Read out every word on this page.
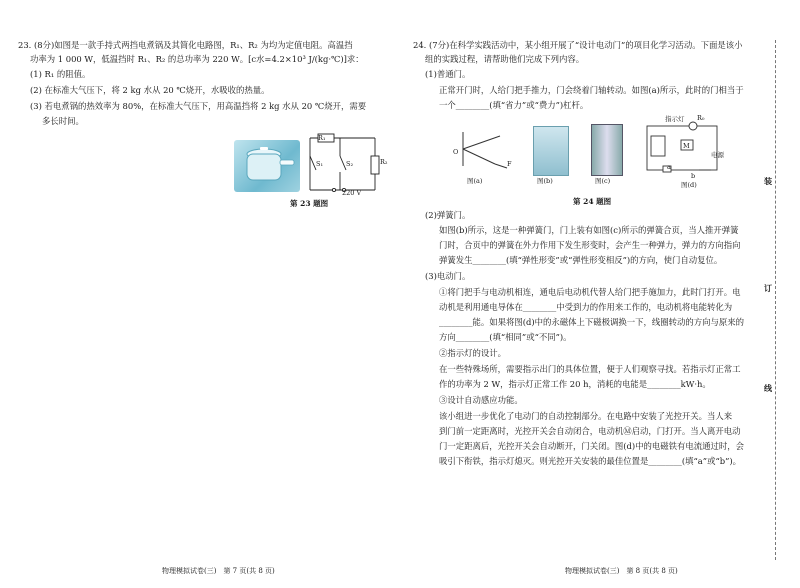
23. (8分)如图是一款手持式两挡电煮锅及其简化电路图，R₁、R₂ 为均为定值电阻。高温挡
功率为 1 000 W，低温挡时 R₁、R₂ 的总功率为 220 W。[c水=4.2×10³ J/(kg·℃)]求：
(1) R₁ 的阻值。
(2) 在标准大气压下，将 2 kg 水从 20 ℃烧开，水吸收的热量。
(3) 若电煮锅的热效率为 80%，在标准大气压下，用高温挡将 2 kg 水从 20 ℃烧开，需要
多长时间。
R₁
R₂
S₁	S₂
220 V
第 23 题图
物理模拟试卷(三)　第 7 页(共 8 页)
24. (7分)在科学实践活动中，某小组开展了“设计电动门”的项目化学习活动。下面是该小
组的实践过程，请帮助他们完成下列内容。
(1)普通门。
正常开门时，人给门把手推力，门会绕着门轴转动。如图(a)所示，此时的门相当于
一个________(填“省力”或“费力”)杠杆。
O
F
图(a)	图(b)	图(c)
指示灯 R₀
M
电源
a
b
图(d)
第 24 题图
(2)弹簧门。
如图(b)所示，这是一种弹簧门，门上装有如图(c)所示的弹簧合页，当人推开弹簧
门时，合页中的弹簧在外力作用下发生形变时，会产生一种弹力，弹力的方向指向
弹簧发生________(填“弹性形变”或“弹性形变相反”)的方向，使门自动复位。
(3)电动门。
①将门把手与电动机相连，通电后电动机代替人给门把手施加力，此时门打开。电
动机是利用通电导体在________中受到力的作用来工作的，电动机将电能转化为
________能。如果将图(d)中的永磁体上下磁极调换一下，线圈转动的方向与原来的
方向________(填“相同”或“不同”)。
②指示灯的设计。
在一些特殊场所，需要指示出门的具体位置，便于人们观察寻找。若指示灯正常工
作的功率为 2 W，指示灯正常工作 20 h，消耗的电能是________kW·h。
③设计自动感应功能。
该小组进一步优化了电动门的自动控制部分。在电路中安装了光控开关。当人来
到门前一定距离时，光控开关会自动闭合，电动机Ⓜ启动，门打开。当人离开电动
门一定距离后，光控开关会自动断开，门关闭。图(d)中的电磁铁有电流通过时，会
吸引下衔铁，指示灯熄灭。则光控开关安装的最佳位置是________(填“a”或“b”)。
物理模拟试卷(三)　第 8 页(共 8 页)
装
订
线
